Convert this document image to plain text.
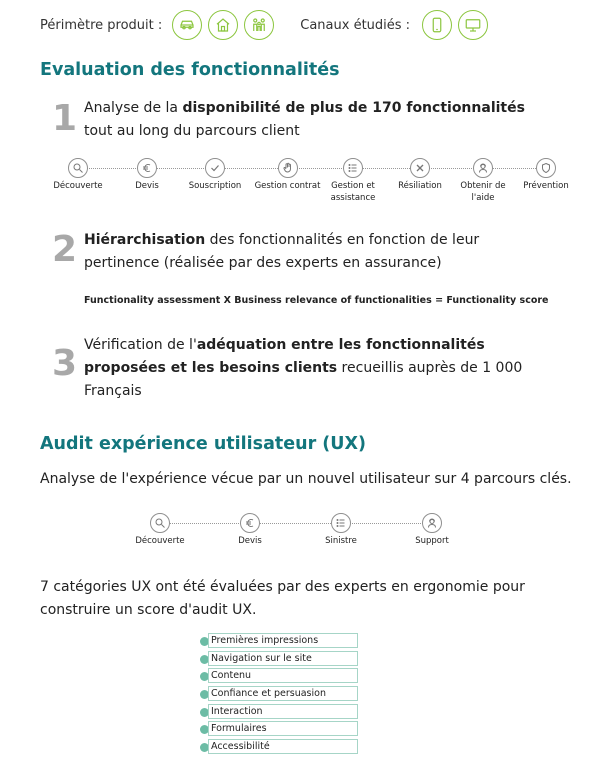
Périmètre produit :	Canaux étudiés :
Evaluation des fonctionnalités
1 Analyse de la disponibilité de plus de 170 fonctionnalités
tout au long du parcours client
Découverte	Devis	Souscription	Gestion contrat	Gestion et assistance
Résiliation	Obtenir de l'aide
Prévention
2 Hiérarchisation des fonctionnalités en fonction de leur pertinence (réalisée par des experts en assurance)
Functionality assessment X Business relevance of functionalities = Functionality score
3 Vérification de l'adéquation entre les fonctionnalités proposées et les besoins clients recueillis auprès de 1 000 Français
Audit expérience utilisateur (UX)
Analyse de l'expérience vécue par un nouvel utilisateur sur 4 parcours clés.
Découverte	Devis	Sinistre	Support
7 catégories UX ont été évaluées par des experts en ergonomie pour construire un score d'audit UX.
Premières impressions
Navigation sur le site
Contenu
Confiance et persuasion
Interaction
Formulaires
Accessibilité
